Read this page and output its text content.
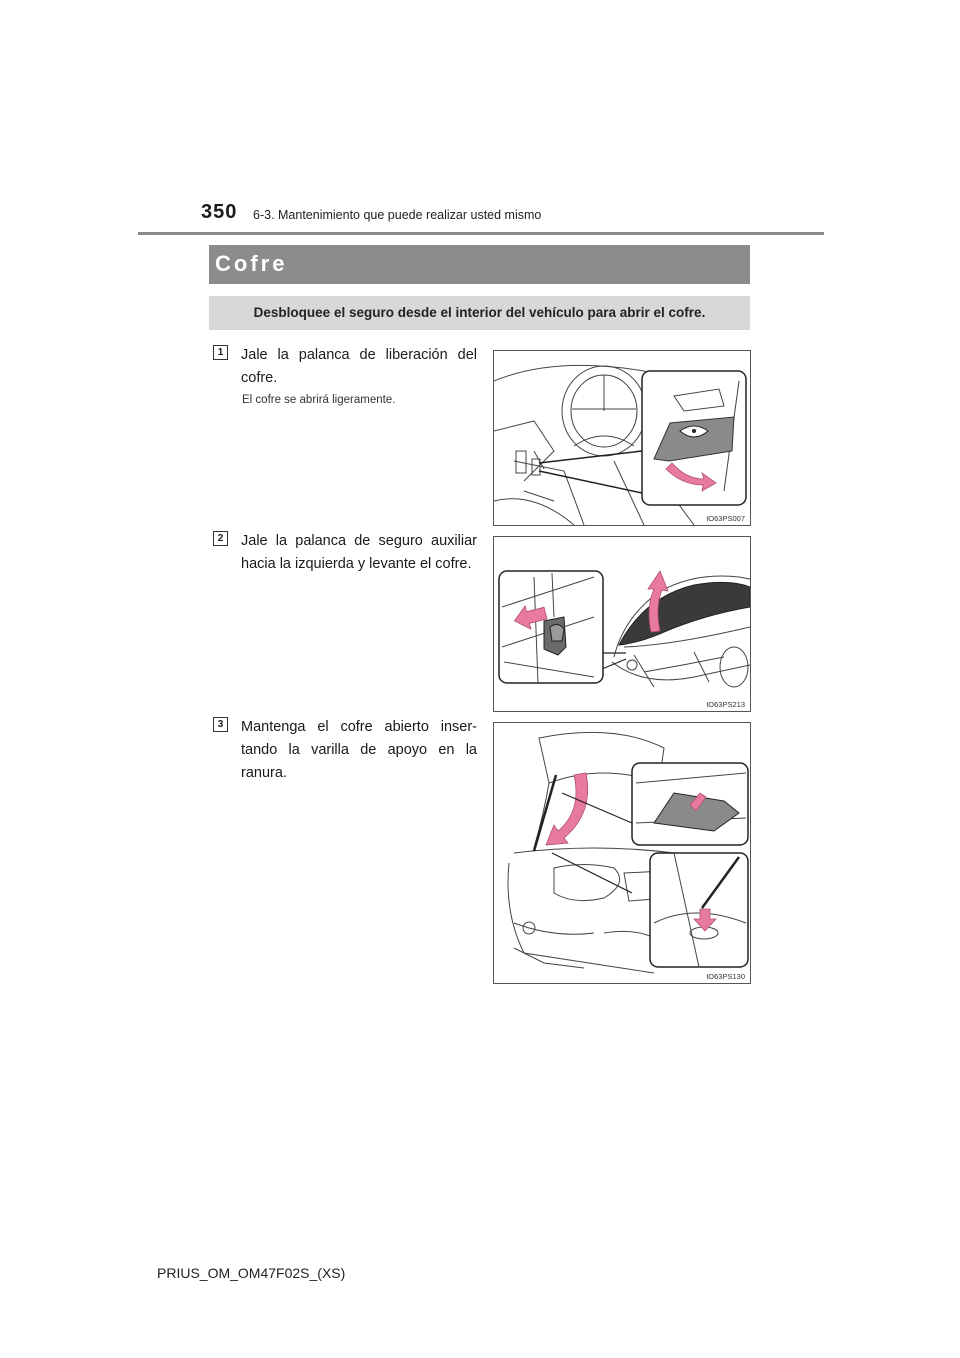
350 6-3. Mantenimiento que puede realizar usted mismo
Cofre
Desbloquee el seguro desde el interior del vehículo para abrir el cofre.
1	Jale la palanca de liberación del cofre.
El cofre se abrirá ligeramente.
IO63PS007
2	Jale la palanca de seguro auxiliar hacia la izquierda y levante el cofre.
IO63PS213
3	Mantenga el cofre abierto inser-tando la varilla de apoyo en la ranura.
IO63PS130
PRIUS_OM_OM47F02S_(XS)
